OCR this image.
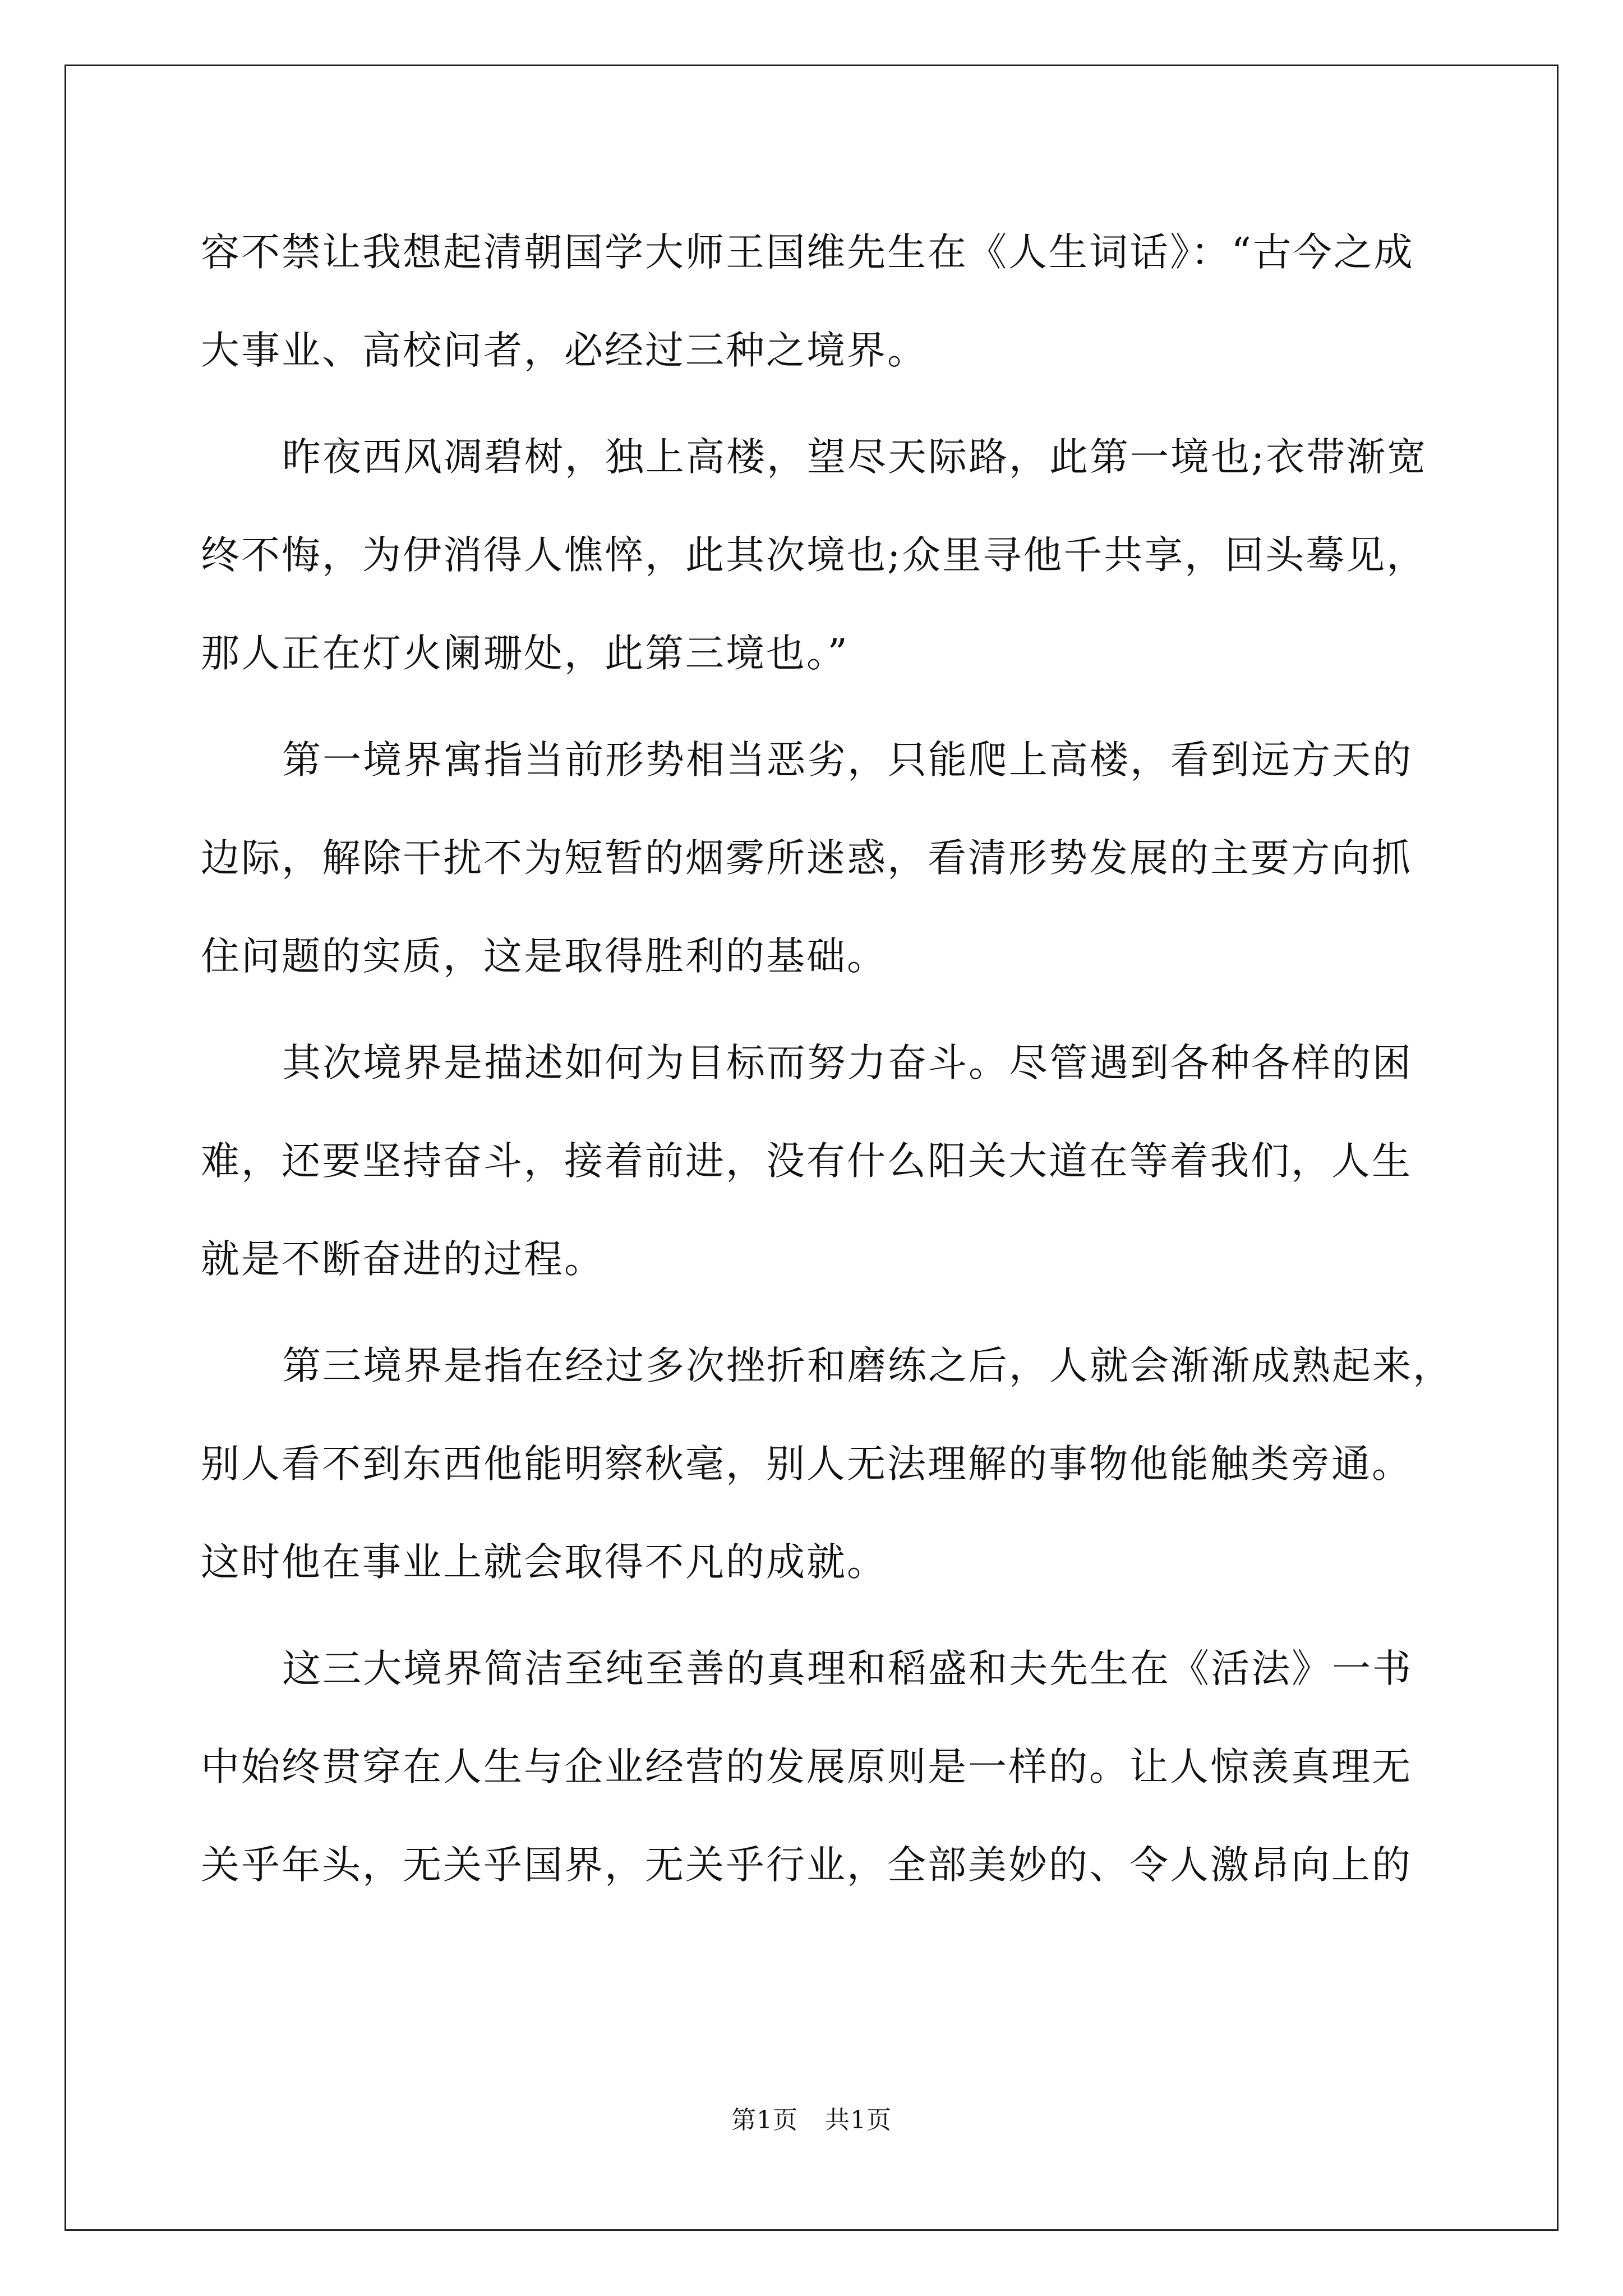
容不禁让我想起清朝国学大师王国维先生在《人生词话》：“古今之成
大事业、高校问者，必经过三种之境界。
昨夜西风凋碧树，独上高楼，望尽天际路，此第一境也;衣带渐宽
终不悔，为伊消得人憔悴，此其次境也;众里寻他千共享，回头蓦见，
那人正在灯火阑珊处，此第三境也。”
第一境界寓指当前形势相当恶劣，只能爬上高楼，看到远方天的
边际，解除干扰不为短暂的烟雾所迷惑，看清形势发展的主要方向抓
住问题的实质，这是取得胜利的基础。
其次境界是描述如何为目标而努力奋斗。尽管遇到各种各样的困
难，还要坚持奋斗，接着前进，没有什么阳关大道在等着我们，人生
就是不断奋进的过程。
第三境界是指在经过多次挫折和磨练之后，人就会渐渐成熟起来，
别人看不到东西他能明察秋毫，别人无法理解的事物他能触类旁通。
这时他在事业上就会取得不凡的成就。
这三大境界简洁至纯至善的真理和稻盛和夫先生在《活法》一书
中始终贯穿在人生与企业经营的发展原则是一样的。让人惊羡真理无
关乎年头，无关乎国界，无关乎行业，全部美妙的、令人激昂向上的
第1页 共1页
